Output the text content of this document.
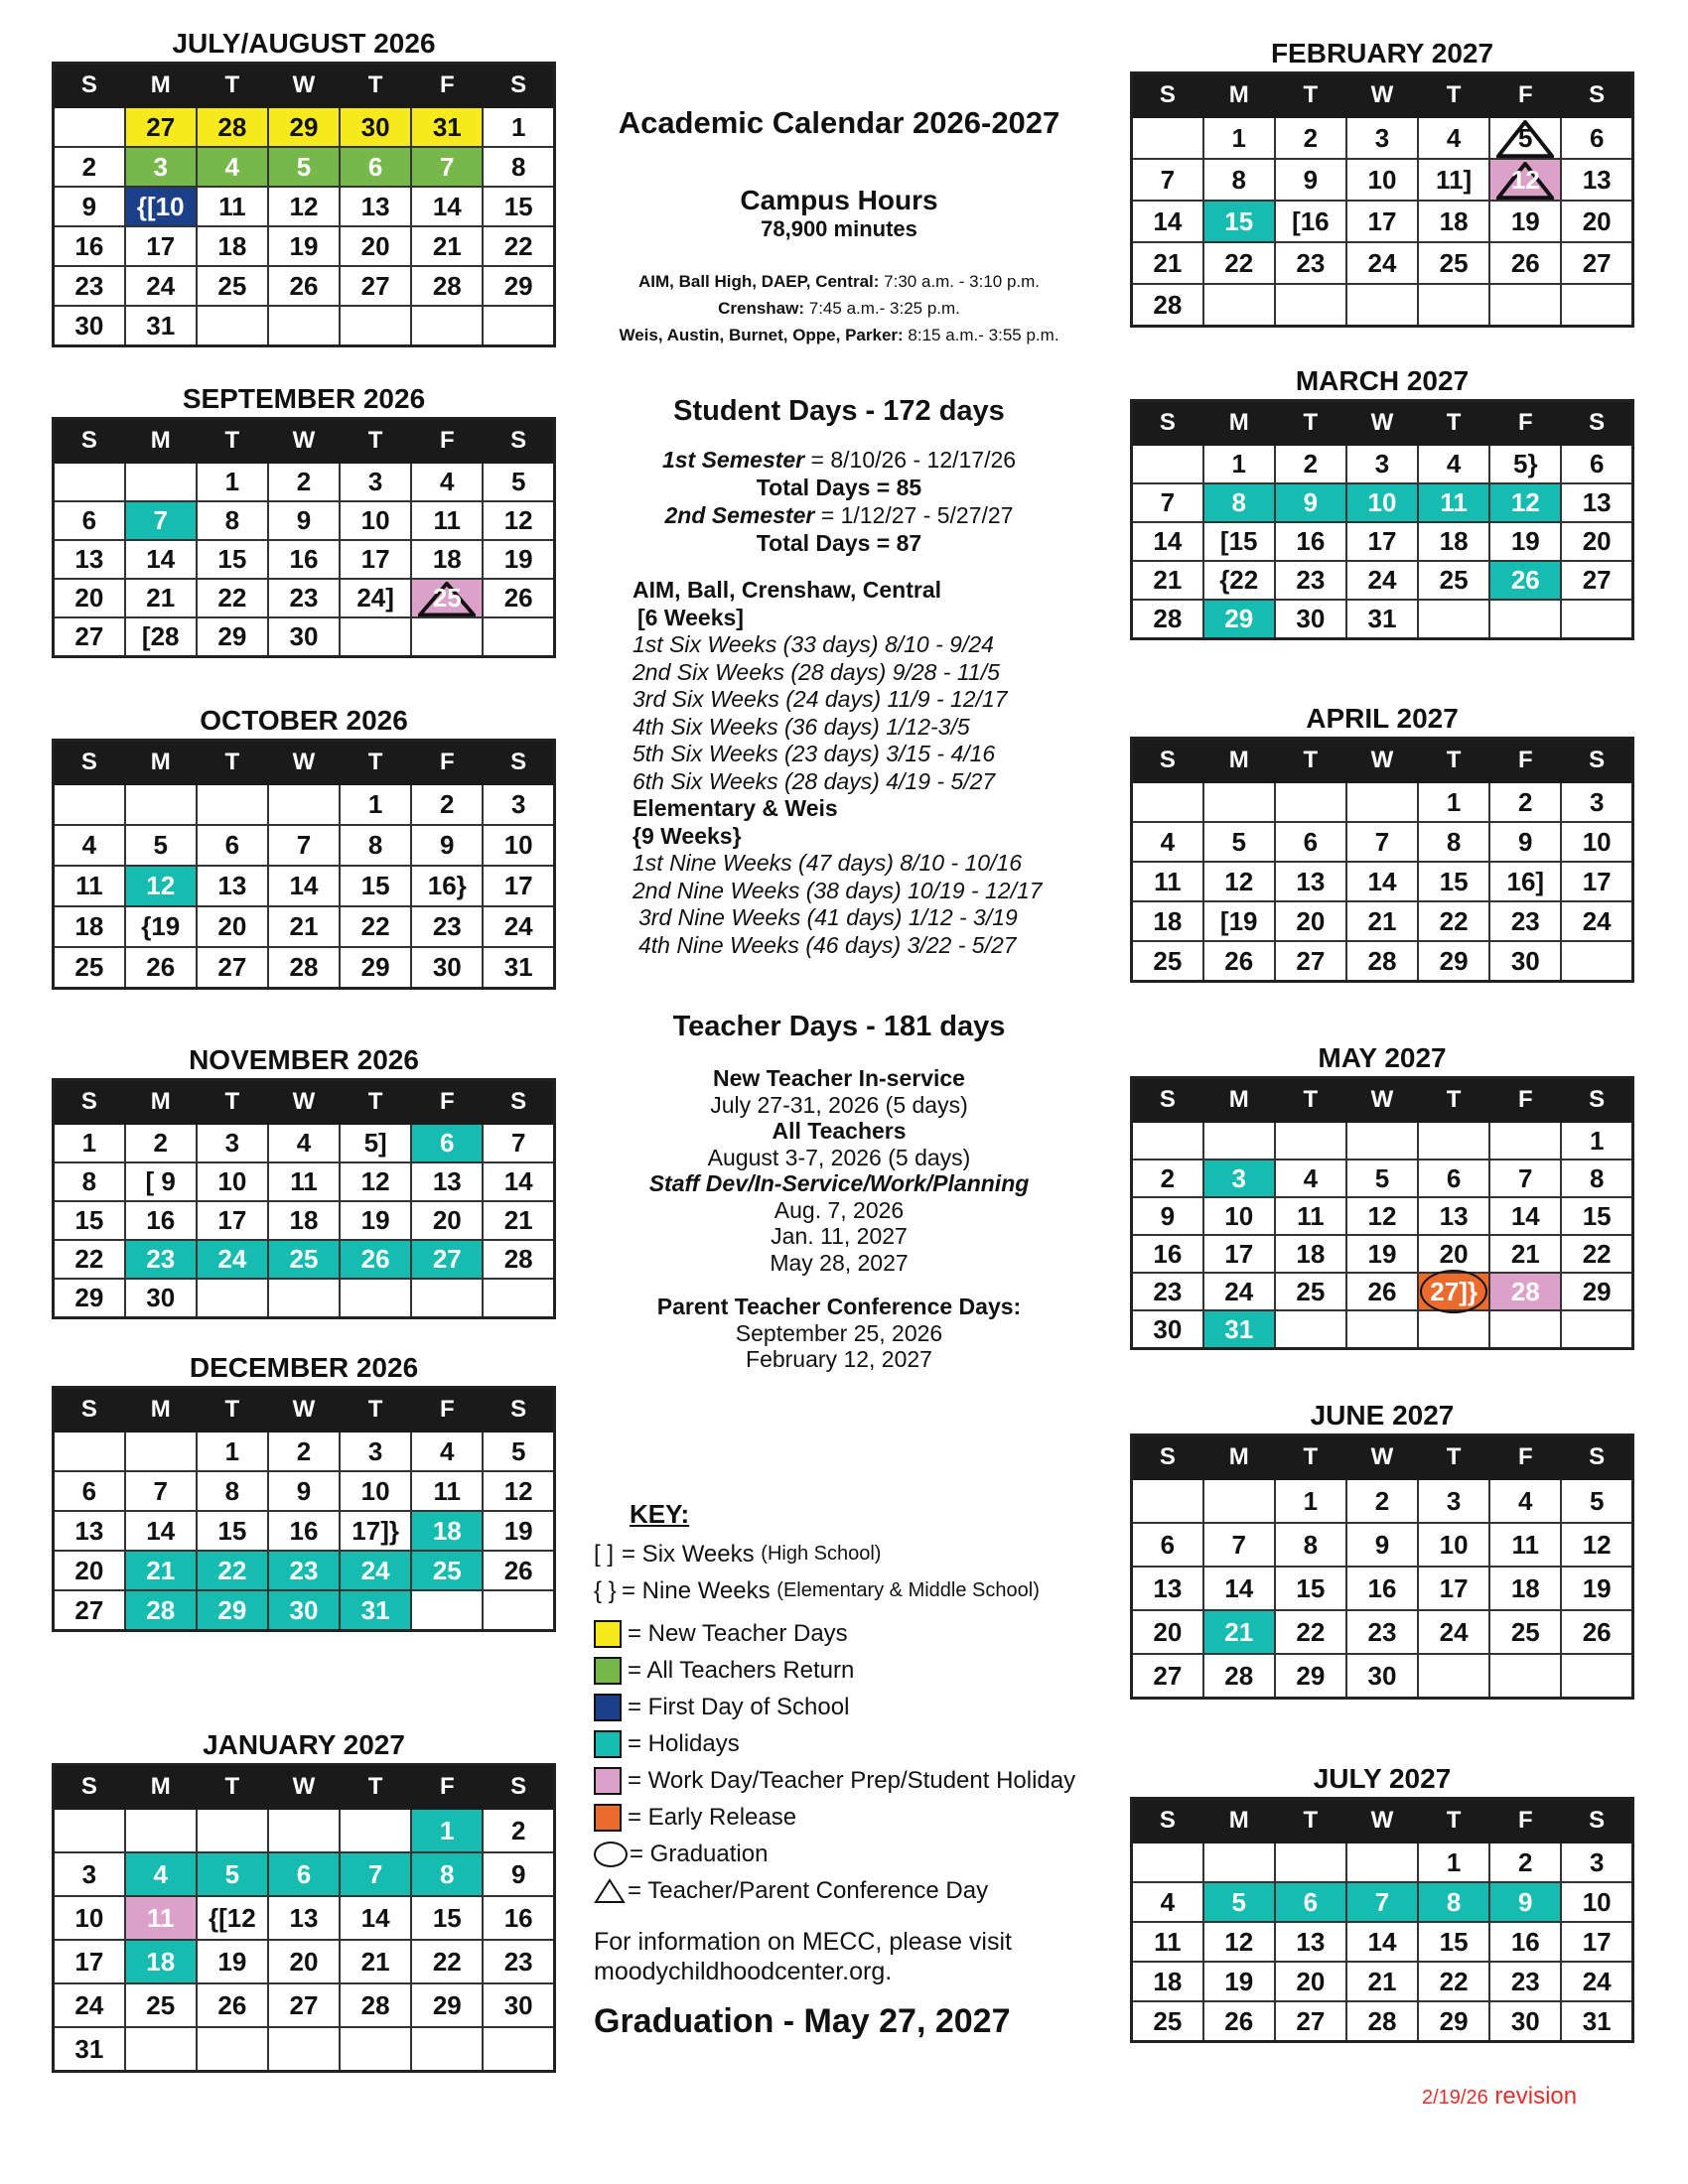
JULY/AUGUST 2026
S	M	T	W	T	F	S
	27	28	29	30	31	1
2	3	4	5	6	7	8
9	{[10	11	12	13	14	15
16	17	18	19	20	21	22
23	24	25	26	27	28	29
30	31					
SEPTEMBER 2026
S	M	T	W	T	F	S
		1	2	3	4	5
6	7	8	9	10	11	12
13	14	15	16	17	18	19
20	21	22	23	24]	25	26
27	[28	29	30			
OCTOBER 2026
S	M	T	W	T	F	S
				1	2	3
4	5	6	7	8	9	10
11	12	13	14	15	16}	17
18	{19	20	21	22	23	24
25	26	27	28	29	30	31
NOVEMBER 2026
S	M	T	W	T	F	S
1	2	3	4	5]	6	7
8	[ 9	10	11	12	13	14
15	16	17	18	19	20	21
22	23	24	25	26	27	28
29	30					
DECEMBER 2026
S	M	T	W	T	F	S
		1	2	3	4	5
6	7	8	9	10	11	12
13	14	15	16	17]}	18	19
20	21	22	23	24	25	26
27	28	29	30	31		
JANUARY 2027
S	M	T	W	T	F	S
					1	2
3	4	5	6	7	8	9
10	11	{[12	13	14	15	16
17	18	19	20	21	22	23
24	25	26	27	28	29	30
31						
FEBRUARY 2027
S	M	T	W	T	F	S
	1	2	3	4	5	6
7	8	9	10	11]	12	13
14	15	[16	17	18	19	20
21	22	23	24	25	26	27
28						
MARCH 2027
S	M	T	W	T	F	S
	1	2	3	4	5}	6
7	8	9	10	11	12	13
14	[15	16	17	18	19	20
21	{22	23	24	25	26	27
28	29	30	31			
APRIL 2027
S	M	T	W	T	F	S
				1	2	3
4	5	6	7	8	9	10
11	12	13	14	15	16]	17
18	[19	20	21	22	23	24
25	26	27	28	29	30	
MAY 2027
S	M	T	W	T	F	S
						1
2	3	4	5	6	7	8
9	10	11	12	13	14	15
16	17	18	19	20	21	22
23	24	25	26	27]}	28	29
30	31					
JUNE 2027
S	M	T	W	T	F	S
		1	2	3	4	5
6	7	8	9	10	11	12
13	14	15	16	17	18	19
20	21	22	23	24	25	26
27	28	29	30			
JULY 2027
S	M	T	W	T	F	S
				1	2	3
4	5	6	7	8	9	10
11	12	13	14	15	16	17
18	19	20	21	22	23	24
25	26	27	28	29	30	31
Academic Calendar 2026-2027
Campus Hours
78,900 minutes
AIM, Ball High, DAEP, Central: 7:30 a.m. - 3:10 p.m.
Crenshaw: 7:45 a.m.- 3:25 p.m.
Weis, Austin, Burnet, Oppe, Parker: 8:15 a.m.- 3:55 p.m.
Student Days - 172 days
1st Semester = 8/10/26 - 12/17/26
Total Days = 85
2nd Semester = 1/12/27 - 5/27/27
Total Days = 87
AIM, Ball, Crenshaw, Central
[6 Weeks]
1st Six Weeks (33 days) 8/10 - 9/24
2nd Six Weeks (28 days) 9/28 - 11/5
3rd Six Weeks (24 days) 11/9 - 12/17
4th Six Weeks (36 days) 1/12-3/5
5th Six Weeks (23 days) 3/15 - 4/16
6th Six Weeks (28 days) 4/19 - 5/27
Elementary & Weis
{9 Weeks}
1st Nine Weeks (47 days) 8/10 - 10/16
2nd Nine Weeks (38 days) 10/19 - 12/17
3rd Nine Weeks (41 days) 1/12 - 3/19
4th Nine Weeks (46 days) 3/22 - 5/27
Teacher Days - 181 days
New Teacher In-service
July 27-31, 2026 (5 days)
All Teachers
August 3-7, 2026 (5 days)
Staff Dev/In-Service/Work/Planning
Aug. 7, 2026
Jan. 11, 2027
May 28, 2027
Parent Teacher Conference Days:
September 25, 2026
February 12, 2027
KEY:
[ ] = Six Weeks
(High School)
{ } = Nine Weeks
(Elementary & Middle School)
= New Teacher Days
= All Teachers Return
= First Day of School
= Holidays
= Work Day/Teacher Prep/Student Holiday
= Early Release
= Graduation
= Teacher/Parent Conference Day
For information on MECC, please visit
moodychildhoodcenter.org.
Graduation - May 27, 2027
2/19/26 revision
